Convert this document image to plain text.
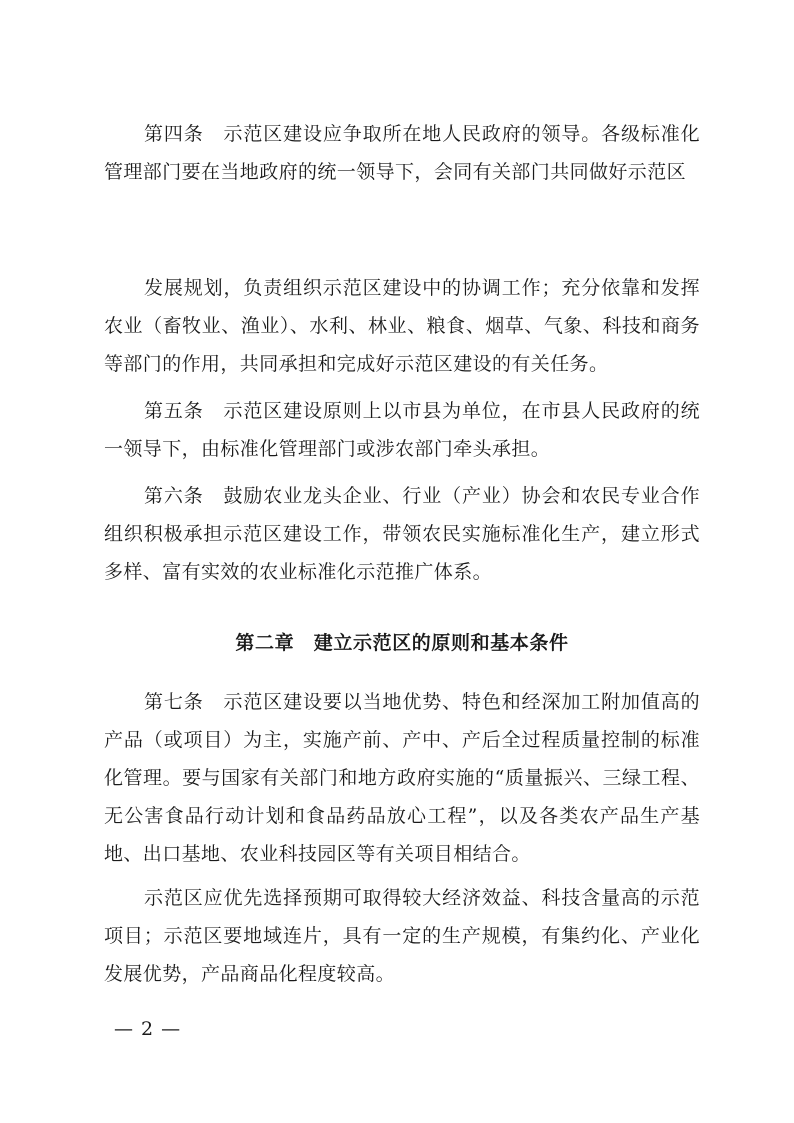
第四条　示范区建设应争取所在地人民政府的领导。各级标准化管理部门要在当地政府的统一领导下，会同有关部门共同做好示范区

发展规划，负责组织示范区建设中的协调工作；充分依靠和发挥农业（畜牧业、渔业）、水利、林业、粮食、烟草、气象、科技和商务等部门的作用，共同承担和完成好示范区建设的有关任务。

第五条　示范区建设原则上以市县为单位，在市县人民政府的统一领导下，由标准化管理部门或涉农部门牵头承担。

第六条　鼓励农业龙头企业、行业（产业）协会和农民专业合作组织积极承担示范区建设工作，带领农民实施标准化生产，建立形式多样、富有实效的农业标准化示范推广体系。

第二章　建立示范区的原则和基本条件

第七条　示范区建设要以当地优势、特色和经深加工附加值高的产品（或项目）为主，实施产前、产中、产后全过程质量控制的标准化管理。要与国家有关部门和地方政府实施的“质量振兴、三绿工程、无公害食品行动计划和食品药品放心工程”，以及各类农产品生产基地、出口基地、农业科技园区等有关项目相结合。

示范区应优先选择预期可取得较大经济效益、科技含量高的示范项目；示范区要地域连片，具有一定的生产规模，有集约化、产业化发展优势，产品商品化程度较高。

— 2 —
